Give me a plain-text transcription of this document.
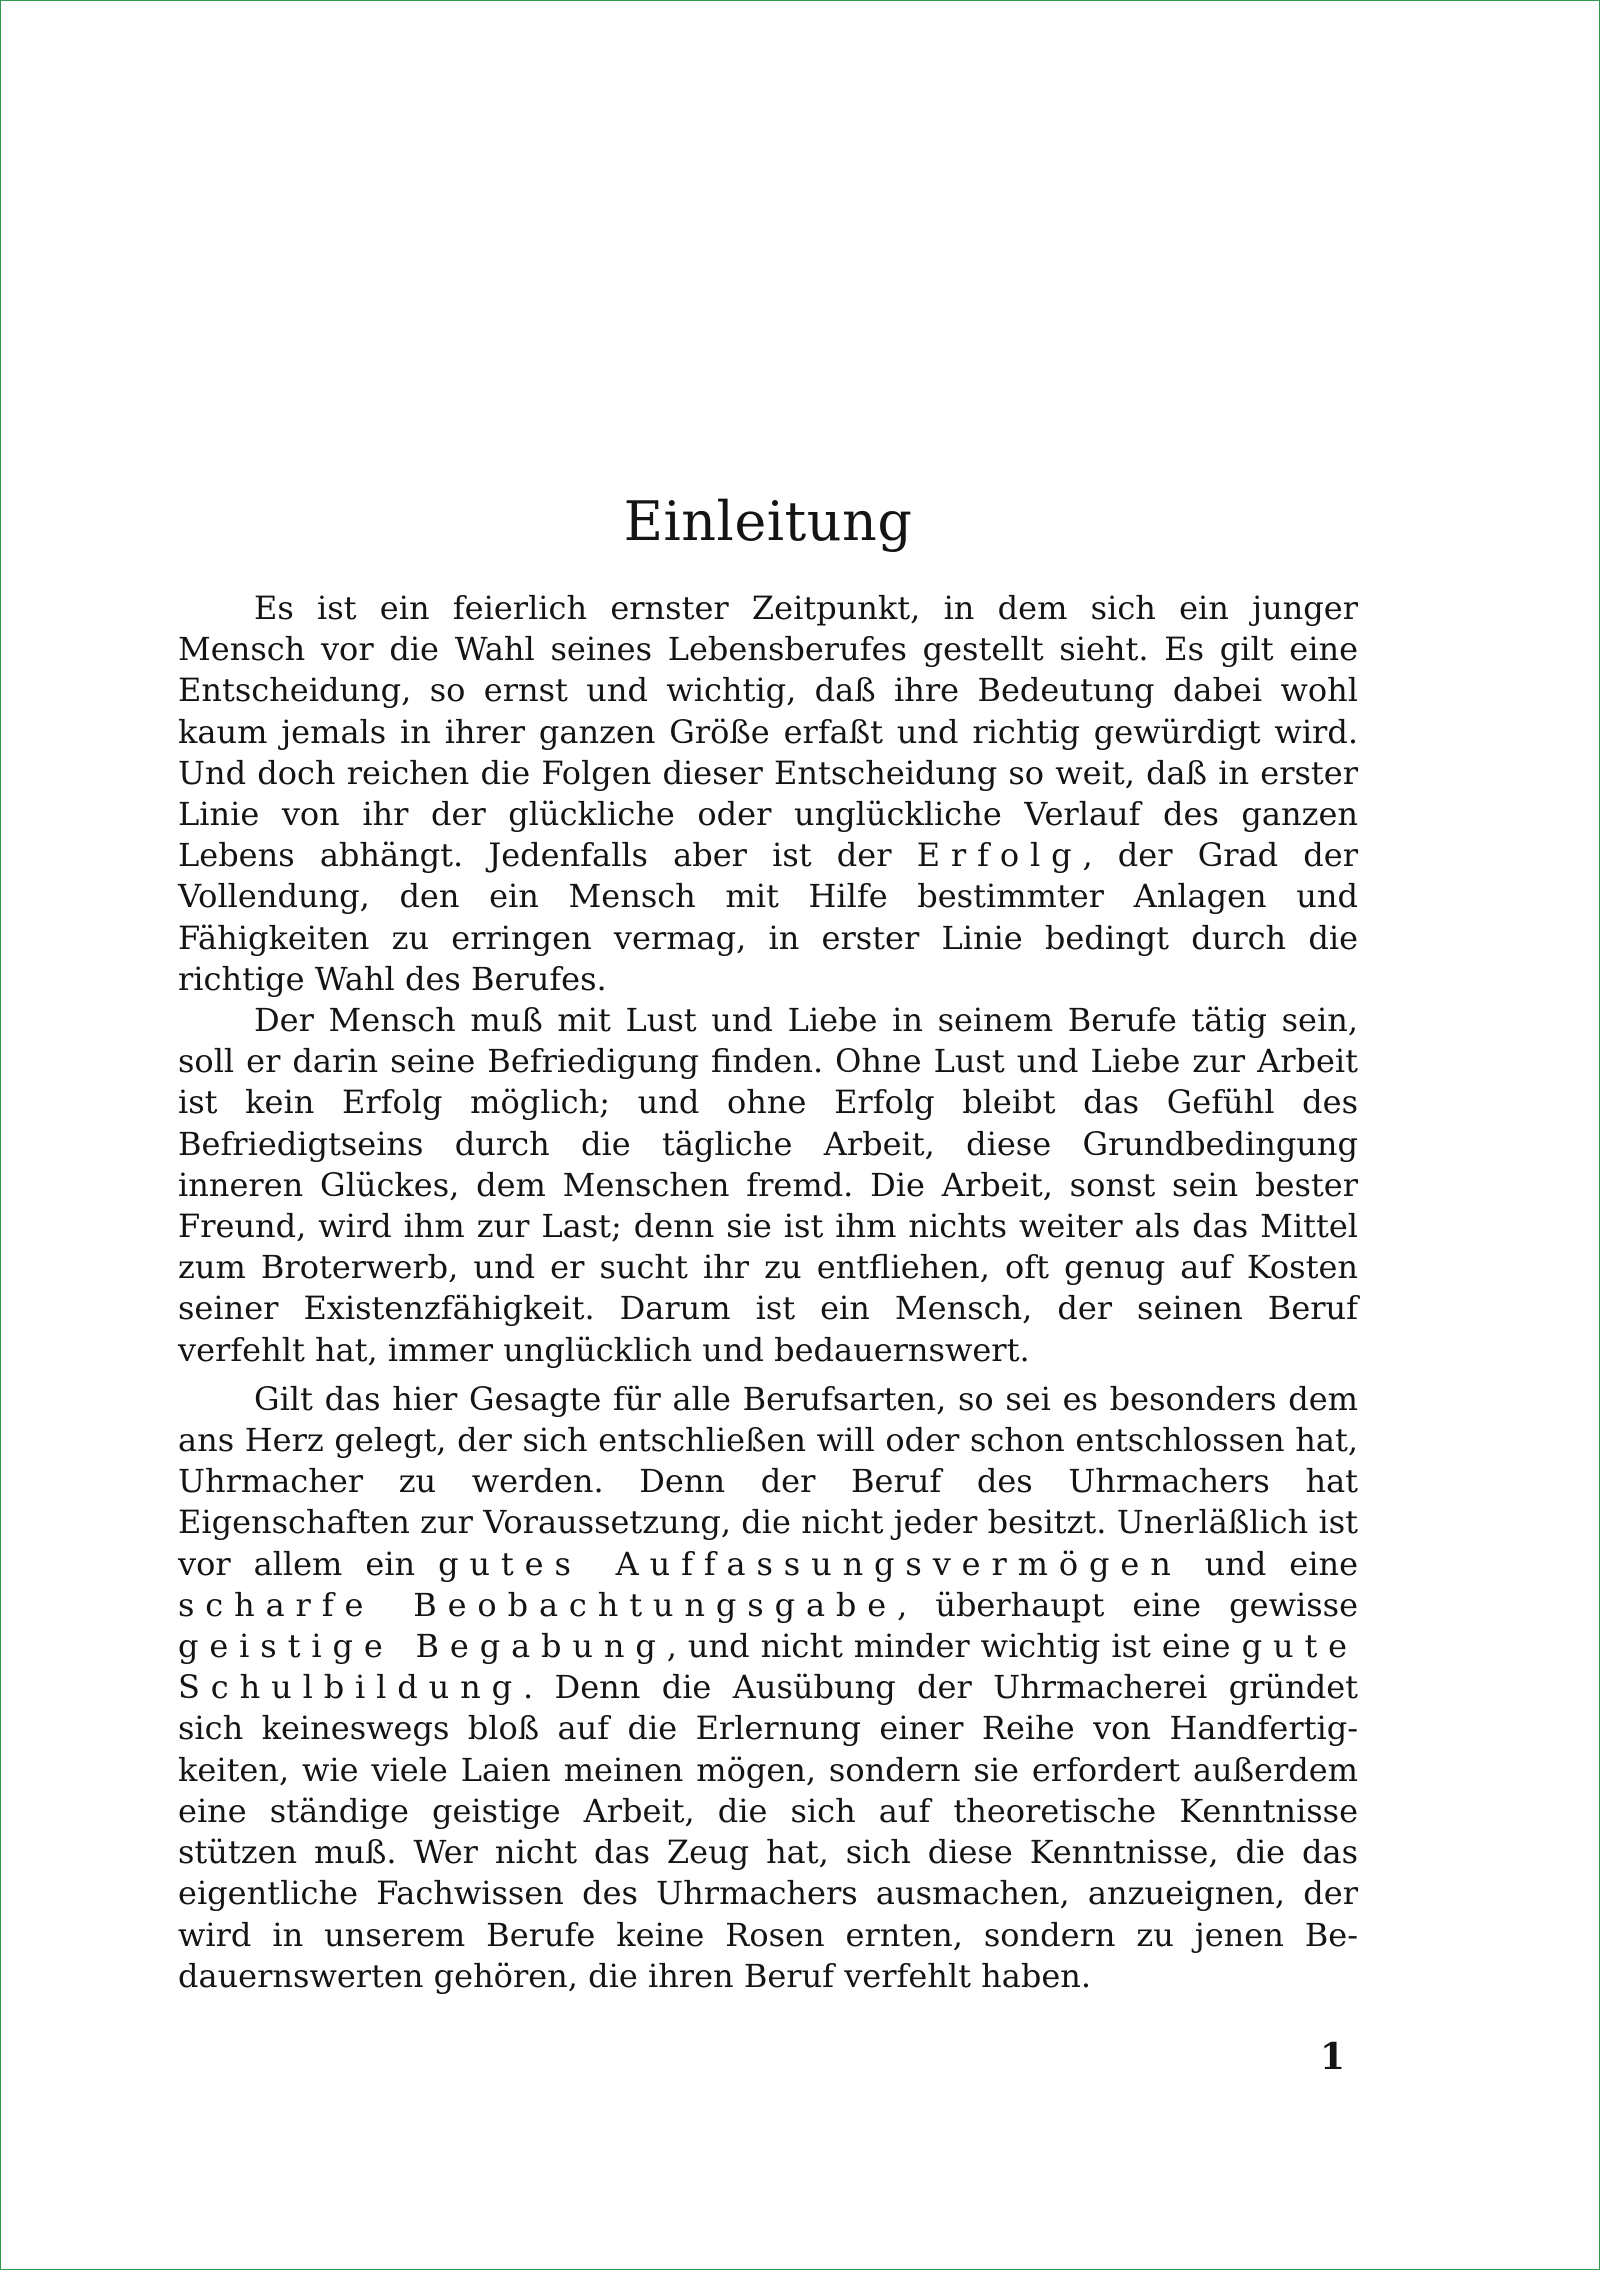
Einleitung

Es ist ein feierlich ernster Zeitpunkt, in dem sich ein junger Mensch vor die Wahl seines Lebensberufes gestellt sieht. Es gilt eine Entscheidung, so ernst und wichtig, daß ihre Bedeutung dabei wohl kaum jemals in ihrer ganzen Größe erfaßt und richtig gewürdigt wird. Und doch reichen die Folgen dieser Entscheidung so weit, daß in erster Linie von ihr der glückliche oder unglückliche Verlauf des ganzen Lebens abhängt. Jedenfalls aber ist der Erfolg, der Grad der Vollendung, den ein Mensch mit Hilfe bestimmter Anlagen und Fähigkeiten zu erringen vermag, in erster Linie bedingt durch die richtige Wahl des Berufes.

Der Mensch muß mit Lust und Liebe in seinem Berufe tätig sein, soll er darin seine Befriedigung finden. Ohne Lust und Liebe zur Arbeit ist kein Erfolg möglich; und ohne Erfolg bleibt das Gefühl des Befriedigtseins durch die tägliche Arbeit, diese Grundbedingung inneren Glückes, dem Menschen fremd. Die Arbeit, sonst sein bester Freund, wird ihm zur Last; denn sie ist ihm nichts weiter als das Mittel zum Broterwerb, und er sucht ihr zu entfliehen, oft genug auf Kosten seiner Existenzfähigkeit. Darum ist ein Mensch, der seinen Beruf verfehlt hat, immer unglücklich und bedauernswert.

Gilt das hier Gesagte für alle Berufsarten, so sei es besonders dem ans Herz gelegt, der sich entschließen will oder schon entschlossen hat, Uhrmacher zu werden. Denn der Beruf des Uhrmachers hat Eigenschaften zur Voraussetzung, die nicht jeder besitzt. Unerläßlich ist vor allem ein gutes Auffassungsvermögen und eine scharfe Beobachtungsgabe, überhaupt eine gewisse geistige Begabung, und nicht minder wichtig ist eine gute Schulbildung. Denn die Ausübung der Uhrmacherei gründet sich keineswegs bloß auf die Erlernung einer Reihe von Handfertigkeiten, wie viele Laien meinen mögen, sondern sie erfordert außerdem eine ständige geistige Arbeit, die sich auf theoretische Kenntnisse stützen muß. Wer nicht das Zeug hat, sich diese Kenntnisse, die das eigentliche Fachwissen des Uhrmachers ausmachen, anzueignen, der wird in unserem Berufe keine Rosen ernten, sondern zu jenen Bedauernswerten gehören, die ihren Beruf verfehlt haben.

1
